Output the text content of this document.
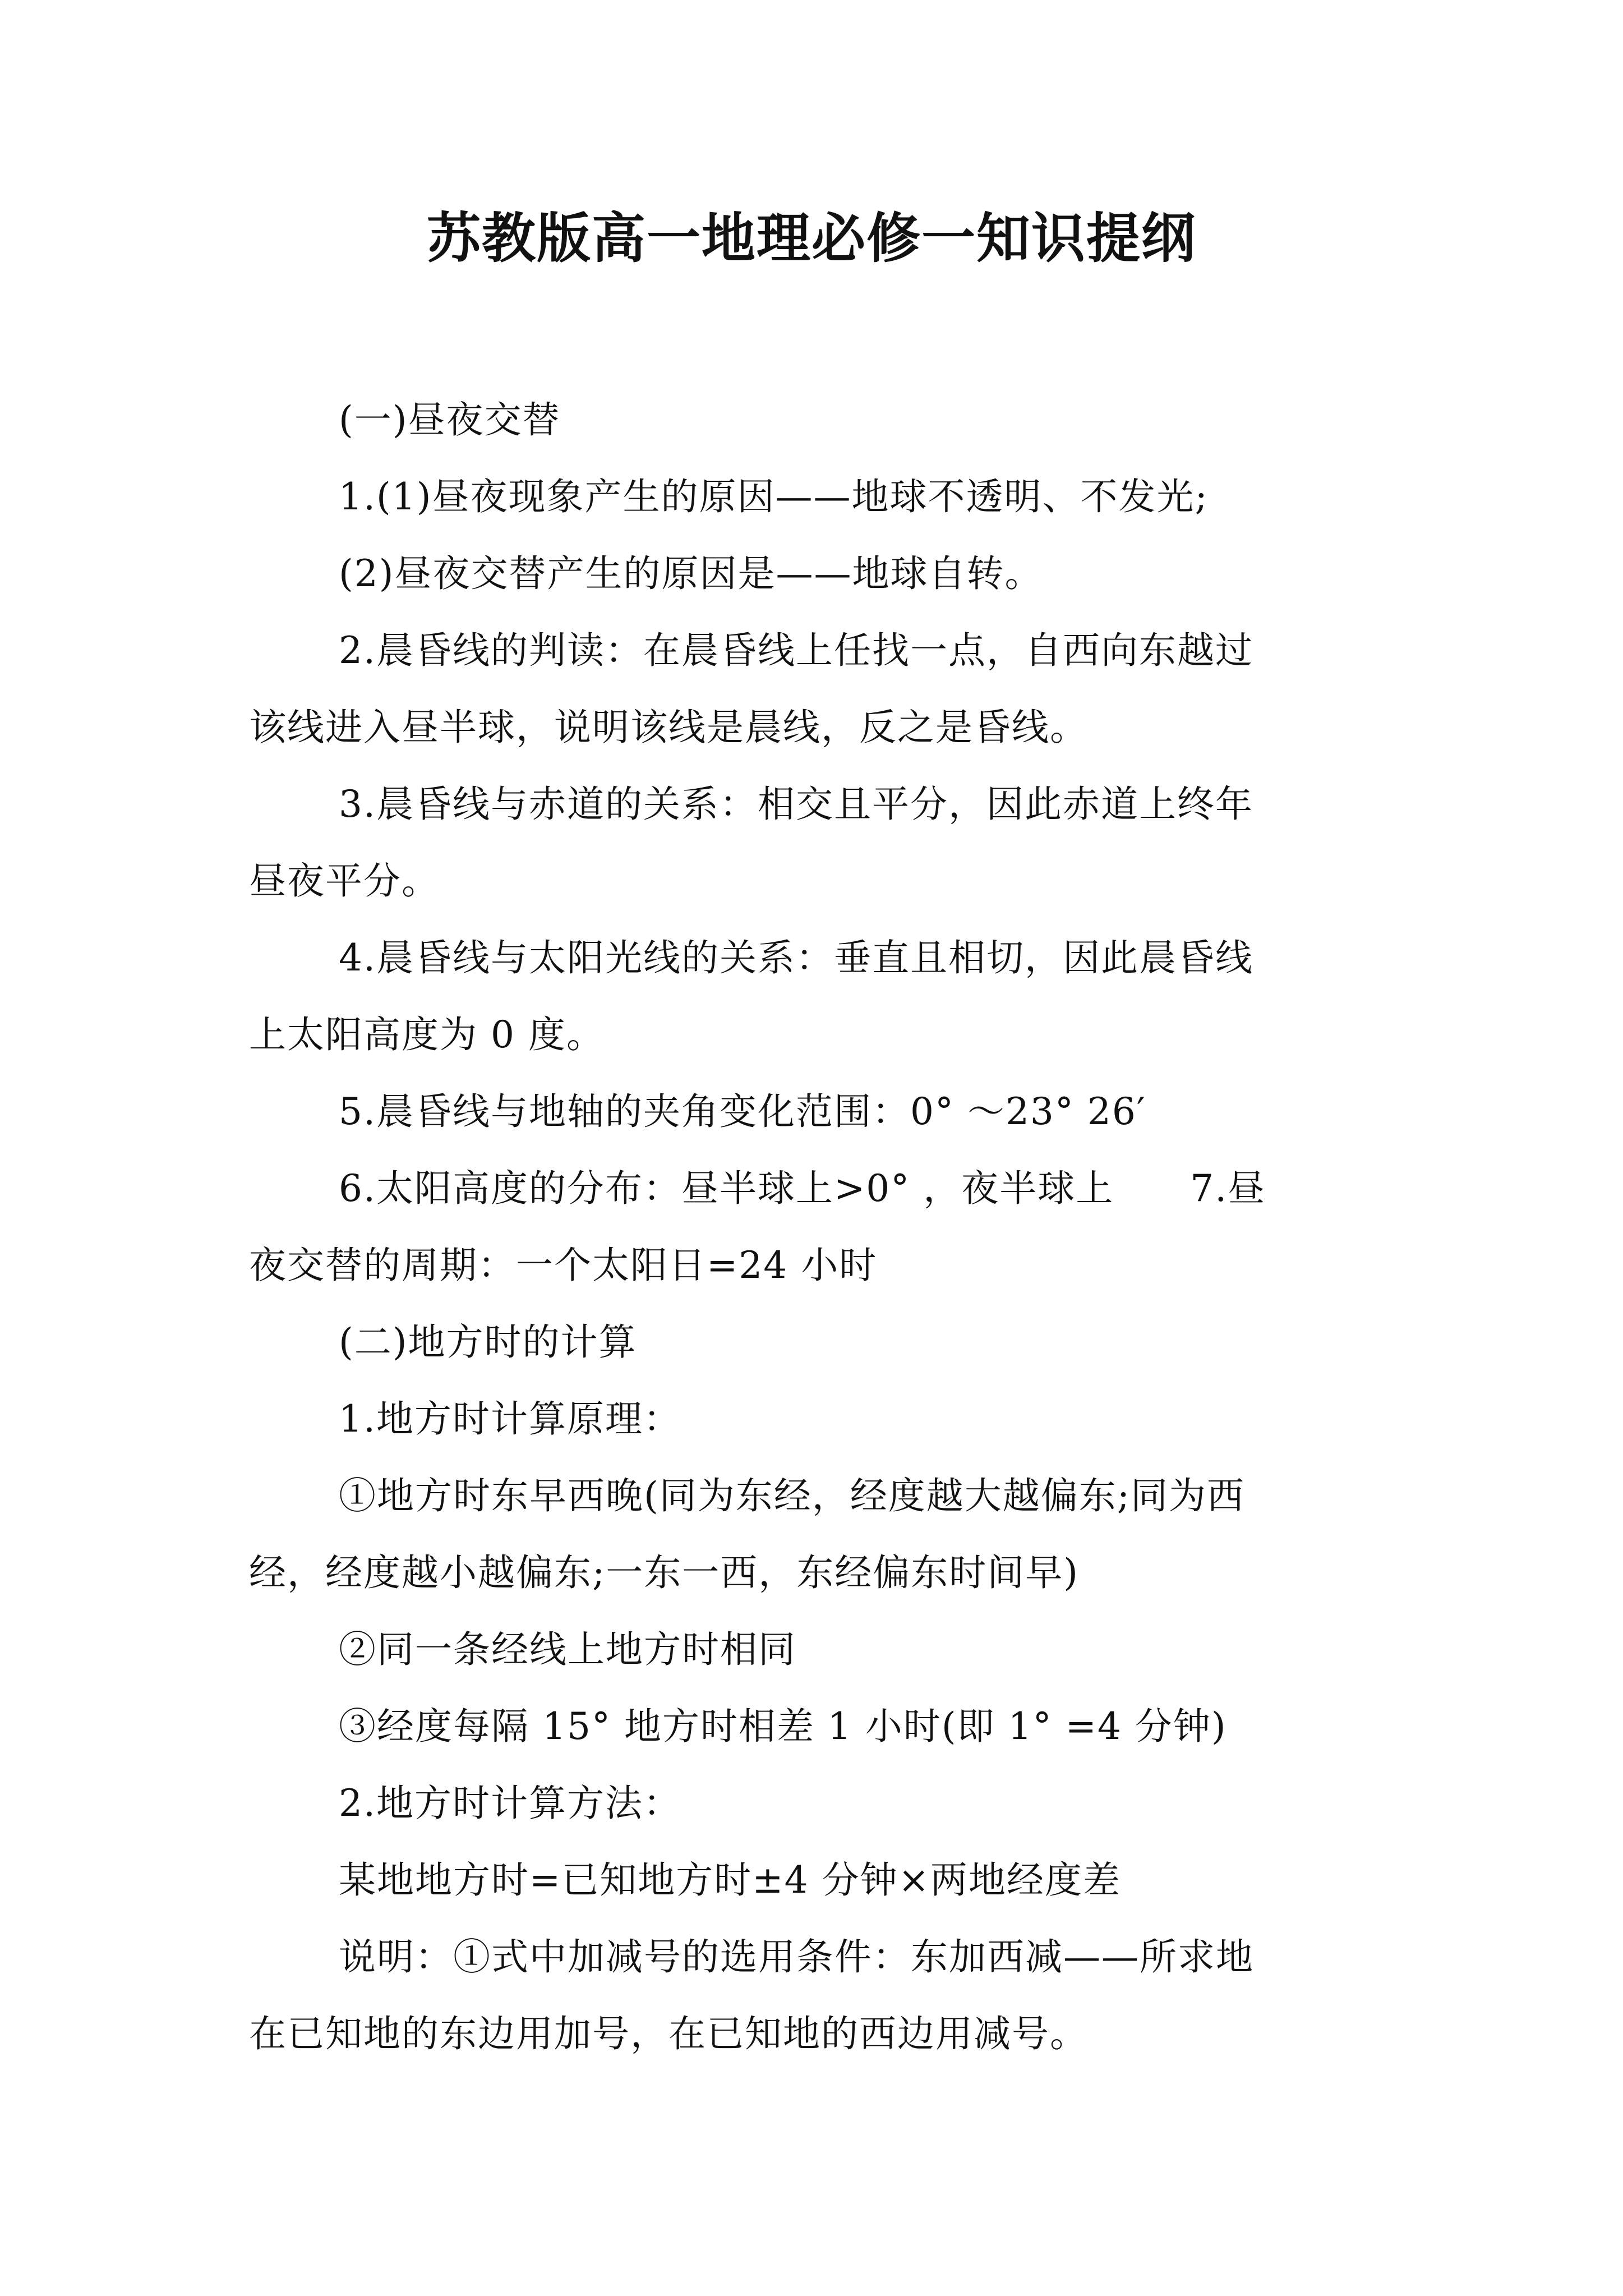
苏教版高一地理必修一知识提纲

(一)昼夜交替

1.(1)昼夜现象产生的原因——地球不透明、不发光;

(2)昼夜交替产生的原因是——地球自转。

2.晨昏线的判读：在晨昏线上任找一点，自西向东越过

该线进入昼半球，说明该线是晨线，反之是昏线。

3.晨昏线与赤道的关系：相交且平分，因此赤道上终年

昼夜平分。

4.晨昏线与太阳光线的关系：垂直且相切，因此晨昏线

上太阳高度为 0 度。

5.晨昏线与地轴的夹角变化范围：0° ～23° 26′

6.太阳高度的分布：昼半球上>0° ，夜半球上　　7.昼

夜交替的周期：一个太阳日=24 小时

(二)地方时的计算

1.地方时计算原理：

①地方时东早西晚(同为东经，经度越大越偏东;同为西

经，经度越小越偏东;一东一西，东经偏东时间早)

②同一条经线上地方时相同

③经度每隔 15° 地方时相差 1 小时(即 1° =4 分钟)

2.地方时计算方法：

某地地方时=已知地方时±4 分钟×两地经度差

说明：①式中加减号的选用条件：东加西减——所求地

在已知地的东边用加号，在已知地的西边用减号。
